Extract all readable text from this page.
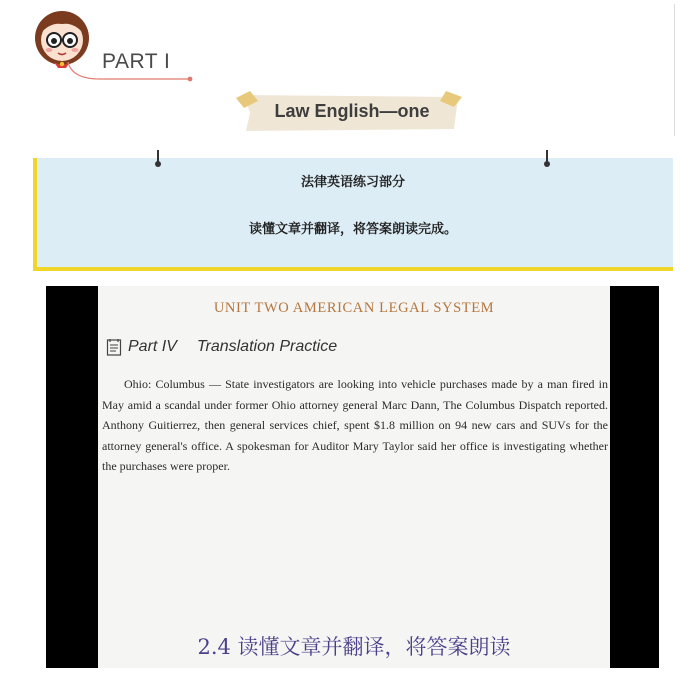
PART I
Law English—one
法律英语练习部分
读懂文章并翻译，将答案朗读完成。
UNIT TWO AMERICAN LEGAL SYSTEM
Part IV Translation Practice

Ohio: Columbus — State investigators are looking into vehicle purchases made by a man fired in May amid a scandal under former Ohio attorney general Marc Dann, The Columbus Dispatch reported. Anthony Guitierrez, then general services chief, spent $1.8 million on 94 new cars and SUVs for the attorney general's office. A spokesman for Auditor Mary Taylor said her office is investigating whether the purchases were proper.

2.4 读懂文章并翻译，将答案朗读
